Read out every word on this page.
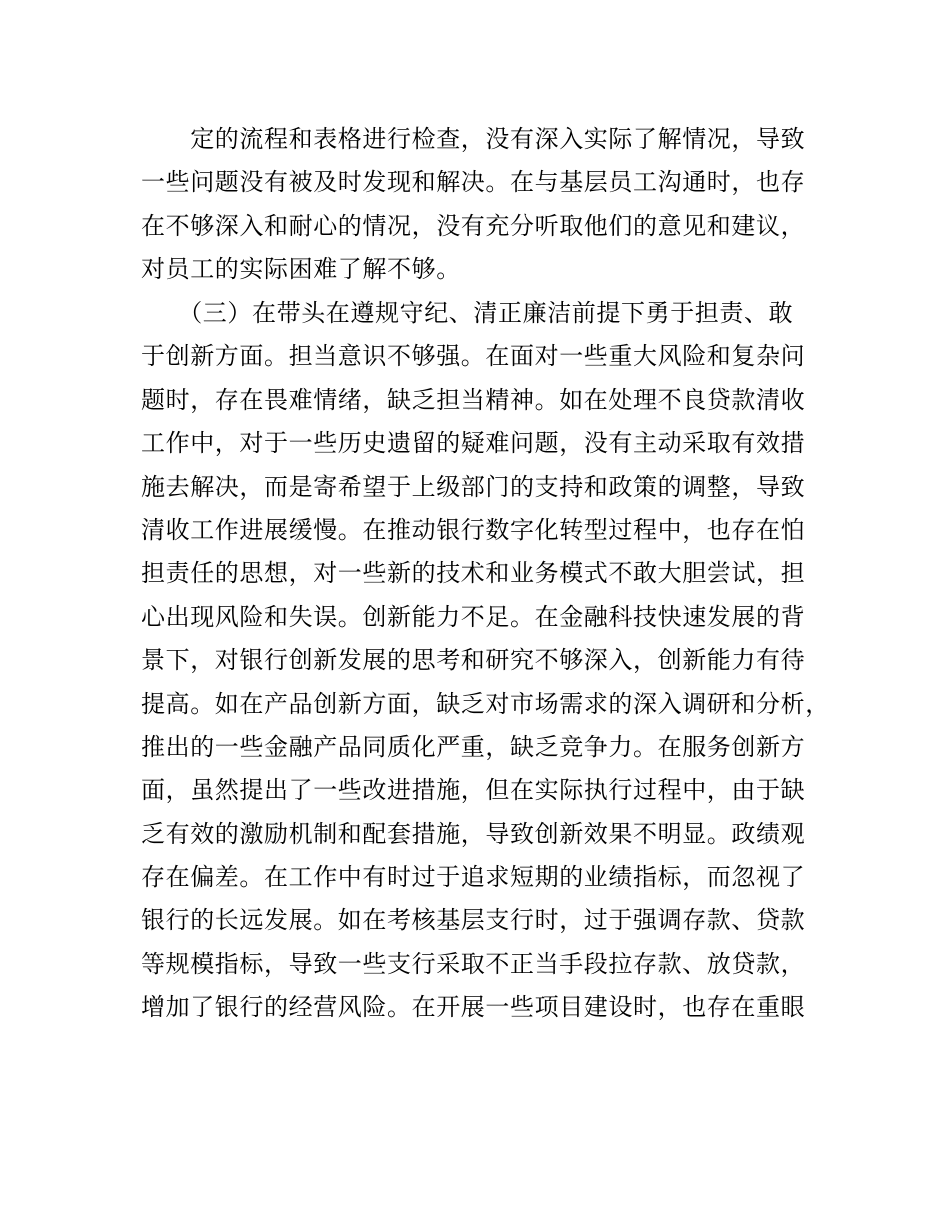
　　定的流程和表格进行检查，没有深入实际了解情况，导致
一些问题没有被及时发现和解决。在与基层员工沟通时，也存
在不够深入和耐心的情况，没有充分听取他们的意见和建议，
对员工的实际困难了解不够。
　　（三）在带头在遵规守纪、清正廉洁前提下勇于担责、敢
于创新方面。担当意识不够强。在面对一些重大风险和复杂问
题时，存在畏难情绪，缺乏担当精神。如在处理不良贷款清收
工作中，对于一些历史遗留的疑难问题，没有主动采取有效措
施去解决，而是寄希望于上级部门的支持和政策的调整，导致
清收工作进展缓慢。在推动银行数字化转型过程中，也存在怕
担责任的思想，对一些新的技术和业务模式不敢大胆尝试，担
心出现风险和失误。创新能力不足。在金融科技快速发展的背
景下，对银行创新发展的思考和研究不够深入，创新能力有待
提高。如在产品创新方面，缺乏对市场需求的深入调研和分析，
推出的一些金融产品同质化严重，缺乏竞争力。在服务创新方
面，虽然提出了一些改进措施，但在实际执行过程中，由于缺
乏有效的激励机制和配套措施，导致创新效果不明显。政绩观
存在偏差。在工作中有时过于追求短期的业绩指标，而忽视了
银行的长远发展。如在考核基层支行时，过于强调存款、贷款
等规模指标，导致一些支行采取不正当手段拉存款、放贷款，
增加了银行的经营风险。在开展一些项目建设时，也存在重眼
